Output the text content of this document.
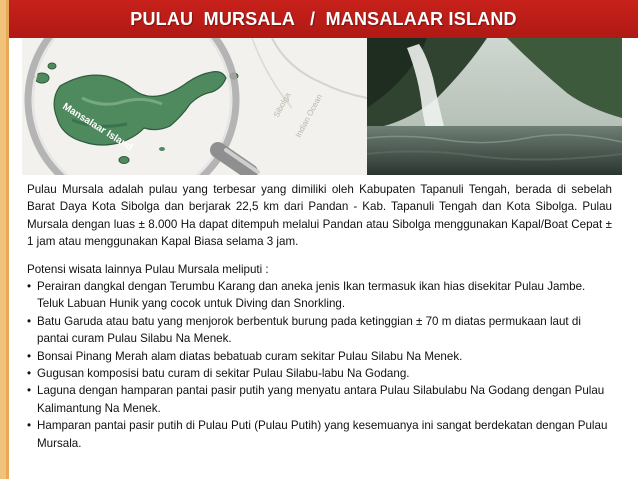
PULAU  MURSALA   /  MANSALAAR ISLAND
Mansalaar Island	Sibolga Indian Ocean

Pulau Mursala adalah pulau yang terbesar yang dimiliki oleh Kabupaten Tapanuli Tengah, berada di sebelah Barat Daya Kota Sibolga dan berjarak 22,5 km dari Pandan - Kab. Tapanuli Tengah dan Kota Sibolga. Pulau Mursala dengan luas ± 8.000 Ha dapat ditempuh melalui Pandan atau Sibolga menggunakan Kapal/Boat Cepat ± 1 jam atau menggunakan Kapal Biasa selama 3 jam.

Potensi wisata lainnya Pulau Mursala meliputi :

• Perairan dangkal dengan Terumbu Karang dan aneka jenis Ikan termasuk ikan hias disekitar Pulau Jambe. Teluk Labuan Hunik yang cocok untuk Diving dan Snorkling.
• Batu Garuda atau batu yang menjorok berbentuk burung pada ketinggian ± 70 m diatas permukaan laut di pantai curam Pulau Silabu Na Menek.
• Bonsai Pinang Merah alam diatas bebatuab curam sekitar Pulau Silabu Na Menek.
• Gugusan komposisi batu curam di sekitar Pulau Silabu-labu Na Godang.
• Laguna dengan hamparan pantai pasir putih yang menyatu antara Pulau Silabulabu Na Godang dengan Pulau Kalimantung Na Menek.
• Hamparan pantai pasir putih di Pulau Puti (Pulau Putih) yang kesemuanya ini sangat berdekatan dengan Pulau Mursala.
